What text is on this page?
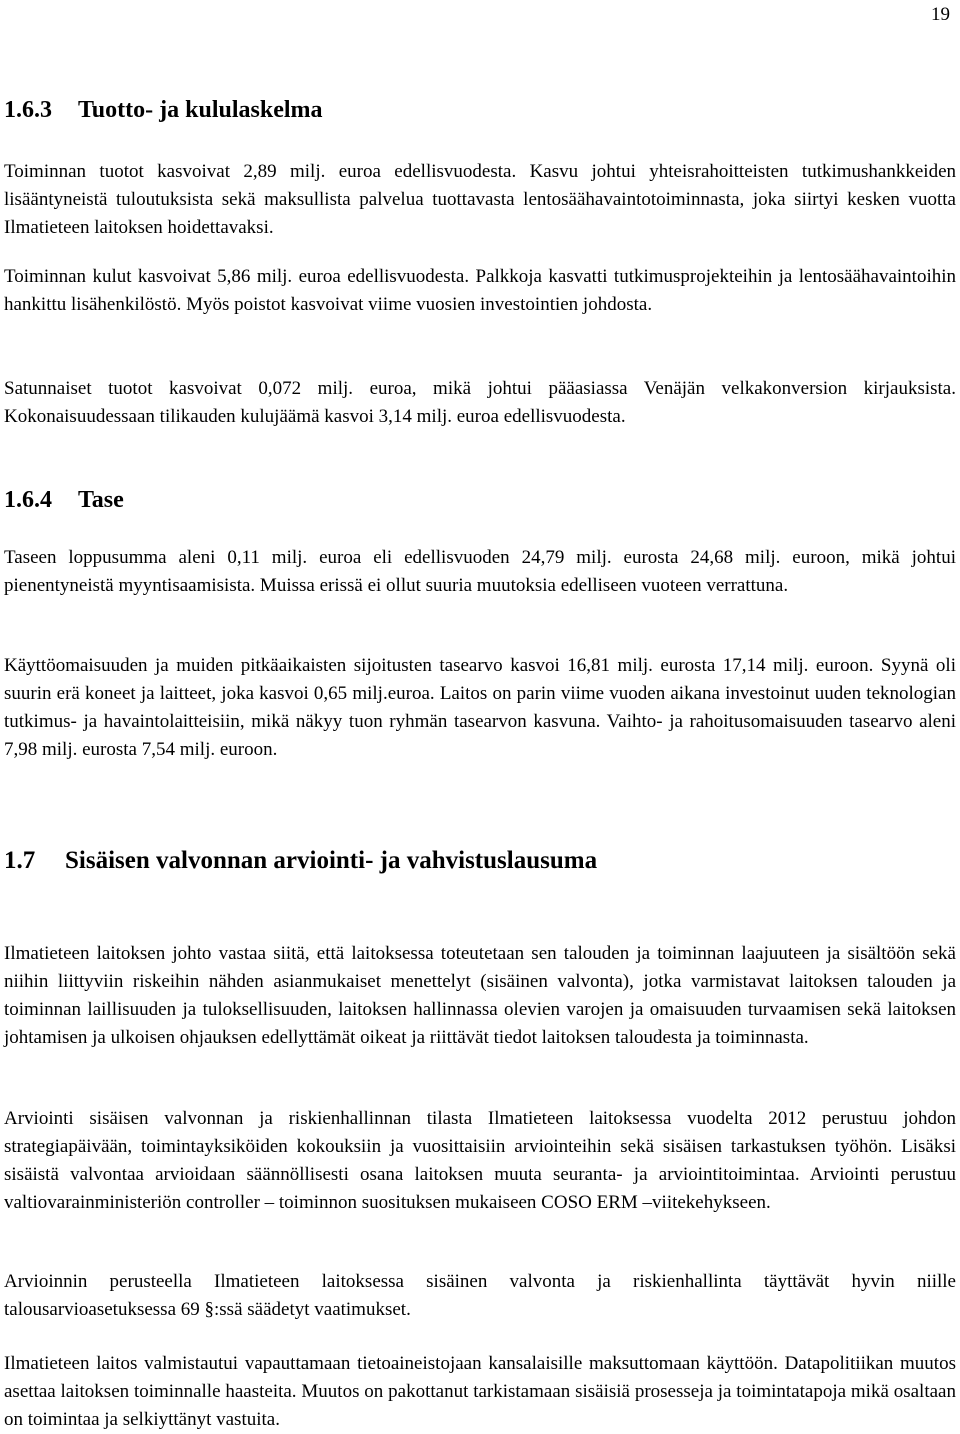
19
1.6.3 Tuotto- ja kululaskelma

Toiminnan tuotot kasvoivat 2,89 milj. euroa edellisvuodesta. Kasvu johtui yhteisrahoitteisten tutkimushankkeiden lisääntyneistä tuloutuksista sekä maksullista palvelua tuottavasta lentosäähavaintotoiminnasta, joka siirtyi kesken vuotta Ilmatieteen laitoksen hoidettavaksi.

Toiminnan kulut kasvoivat 5,86 milj. euroa edellisvuodesta. Palkkoja kasvatti tutkimusprojekteihin ja lentosäähavaintoihin hankittu lisähenkilöstö. Myös poistot kasvoivat viime vuosien investointien johdosta.

Satunnaiset tuotot kasvoivat 0,072 milj. euroa, mikä johtui pääasiassa Venäjän velkakonversion kirjauksista. Kokonaisuudessaan tilikauden kulujäämä kasvoi 3,14 milj. euroa edellisvuodesta.

1.6.4 Tase

Taseen loppusumma aleni 0,11 milj. euroa eli edellisvuoden 24,79 milj. eurosta 24,68 milj. euroon, mikä johtui pienentyneistä myyntisaamisista. Muissa erissä ei ollut suuria muutoksia edelliseen vuoteen verrattuna.

Käyttöomaisuuden ja muiden pitkäaikaisten sijoitusten tasearvo kasvoi 16,81 milj. eurosta 17,14 milj. euroon. Syynä oli suurin erä koneet ja laitteet, joka kasvoi 0,65 milj.euroa. Laitos on parin viime vuoden aikana investoinut uuden teknologian tutkimus- ja havaintolaitteisiin, mikä näkyy tuon ryhmän tasearvon kasvuna. Vaihto- ja rahoitusomaisuuden tasearvo aleni 7,98 milj. eurosta 7,54 milj. euroon.

1.7 Sisäisen valvonnan arviointi- ja vahvistuslausuma

Ilmatieteen laitoksen johto vastaa siitä, että laitoksessa toteutetaan sen talouden ja toiminnan laajuuteen ja sisältöön sekä niihin liittyviin riskeihin nähden asianmukaiset menettelyt (sisäinen valvonta), jotka varmistavat laitoksen talouden ja toiminnan laillisuuden ja tuloksellisuuden, laitoksen hallinnassa olevien varojen ja omaisuuden turvaamisen sekä laitoksen johtamisen ja ulkoisen ohjauksen edellyttämät oikeat ja riittävät tiedot laitoksen taloudesta ja toiminnasta.

Arviointi sisäisen valvonnan ja riskienhallinnan tilasta Ilmatieteen laitoksessa vuodelta 2012 perustuu johdon strategiapäivään, toimintayksiköiden kokouksiin ja vuosittaisiin arviointeihin sekä sisäisen tarkastuksen työhön. Lisäksi sisäistä valvontaa arvioidaan säännöllisesti osana laitoksen muuta seuranta- ja arviointitoimintaa. Arviointi perustuu valtiovarainministeriön controller – toiminnon suosituksen mukaiseen COSO ERM –viitekehykseen.

Arvioinnin perusteella Ilmatieteen laitoksessa sisäinen valvonta ja riskienhallinta täyttävät hyvin niille talousarvioasetuksessa 69 §:ssä säädetyt vaatimukset.

Ilmatieteen laitos valmistautui vapauttamaan tietoaineistojaan kansalaisille maksuttomaan käyttöön. Datapolitiikan muutos asettaa laitoksen toiminnalle haasteita. Muutos on pakottanut tarkistamaan sisäisiä prosesseja ja toimintatapoja mikä osaltaan on toimintaa ja selkiyttänyt vastuita.
